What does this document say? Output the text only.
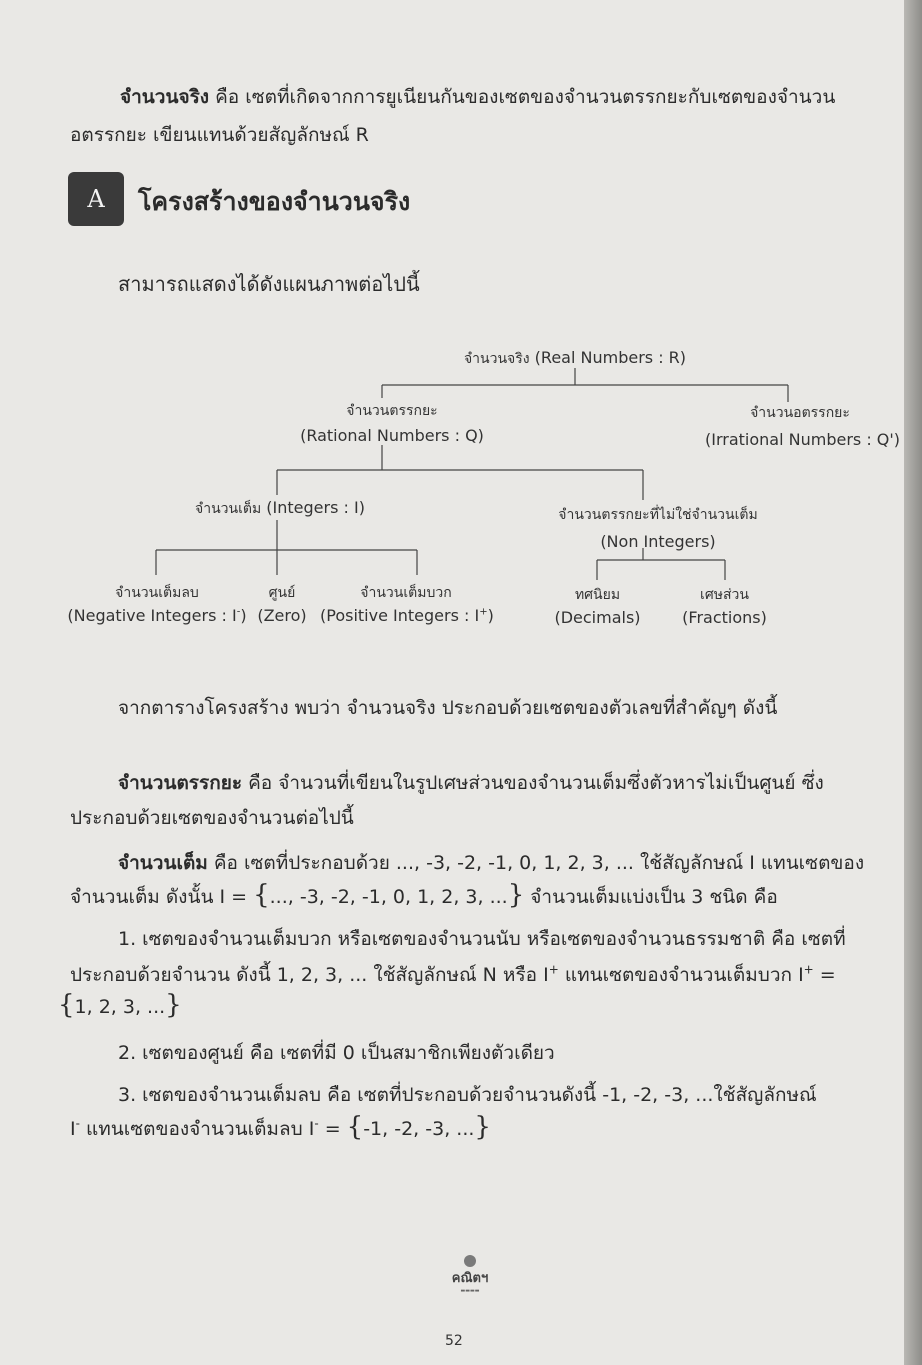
จำนวนจริง คือ เซตที่เกิดจากการยูเนียนกันของเซตของจำนวนตรรกยะกับเซตของจำนวน
อตรรกยะ เขียนแทนด้วยสัญลักษณ์ R
A	โครงสร้างของจำนวนจริง
สามารถแสดงได้ดังแผนภาพต่อไปนี้
จำนวนจริง (Real Numbers : R)
จำนวนตรรกยะ
(Rational Numbers : Q)
จำนวนอตรรกยะ
(Irrational Numbers : Q')
จำนวนเต็ม (Integers : I)	จำนวนตรรกยะที่ไม่ใช่จำนวนเต็ม
(Non Integers)
จำนวนเต็มลบ
(Negative Integers : I-)
ศูนย์
(Zero)
จำนวนเต็มบวก
(Positive Integers : I+)
ทศนิยม
(Decimals)
เศษส่วน
(Fractions)
จากตารางโครงสร้าง พบว่า จำนวนจริง ประกอบด้วยเซตของตัวเลขที่สำคัญๆ ดังนี้
จำนวนตรรกยะ คือ จำนวนที่เขียนในรูปเศษส่วนของจำนวนเต็มซึ่งตัวหารไม่เป็นศูนย์ ซึ่ง
ประกอบด้วยเซตของจำนวนต่อไปนี้
จำนวนเต็ม คือ เซตที่ประกอบด้วย ..., -3, -2, -1, 0, 1, 2, 3, ... ใช้สัญลักษณ์ I แทนเซตของ
จำนวนเต็ม ดังนั้น I = {..., -3, -2, -1, 0, 1, 2, 3, ...} จำนวนเต็มแบ่งเป็น 3 ชนิด คือ
1. เซตของจำนวนเต็มบวก หรือเซตของจำนวนนับ หรือเซตของจำนวนธรรมชาติ คือ เซตที่
ประกอบด้วยจำนวน ดังนี้ 1, 2, 3, ... ใช้สัญลักษณ์ N หรือ I+ แทนเซตของจำนวนเต็มบวก I+ =
{1, 2, 3, ...}
2. เซตของศูนย์ คือ เซตที่มี 0 เป็นสมาชิกเพียงตัวเดียว
3. เซตของจำนวนเต็มลบ คือ เซตที่ประกอบด้วยจำนวนดังนี้ -1, -2, -3, ...ใช้สัญลักษณ์
I- แทนเซตของจำนวนเต็มลบ I- = {-1, -2, -3, ...}
คณิตฯ
▬▬▬▬
52
